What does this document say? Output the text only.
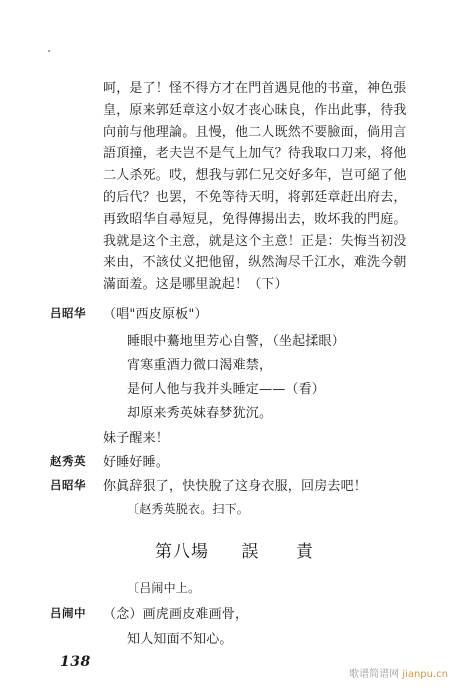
呵，是了！怪不得方才在門首遇見他的书童，神色張
皇，原来郭廷章这小奴才丧心昧良，作出此事，待我
向前与他理論。且慢，他二人既然不要臉面，倘用言
語頂撞，老夫岂不是气上加气？待我取口刀来，将他
二人杀死。哎，想我与郭仁兄交好多年，岂可絕了他
的后代？也罢，不免等待天明，将郭廷章赶出府去，
再致昭华自尋短見，免得傳揚出去，敗坏我的門庭。
我就是这个主意，就是这个主意！正是：失悔当初没
来由，不該仗义把他留，纵然淘尽千江水，难洗今朝
滿面羞。这是哪里說起！（下）
吕昭华 （唱"西皮原板"）
睡眼中驀地里芳心自警，（坐起揉眼）
宵寒重酒力微口渴难禁，
是何人他与我并头睡定——（看）
却原来秀英妹春梦犹沉。
妹子醒来！
赵秀英 好睡好睡。
吕昭华 你眞辞狠了，快快脫了这身衣服，回房去吧！
〔赵秀英脱衣。扫下。
第八場 誤 責
〔吕闹中上。
吕闹中 （念）画虎画皮难画骨，
知人知面不知心。
138
歌谱简谱网 jianpu.cn
